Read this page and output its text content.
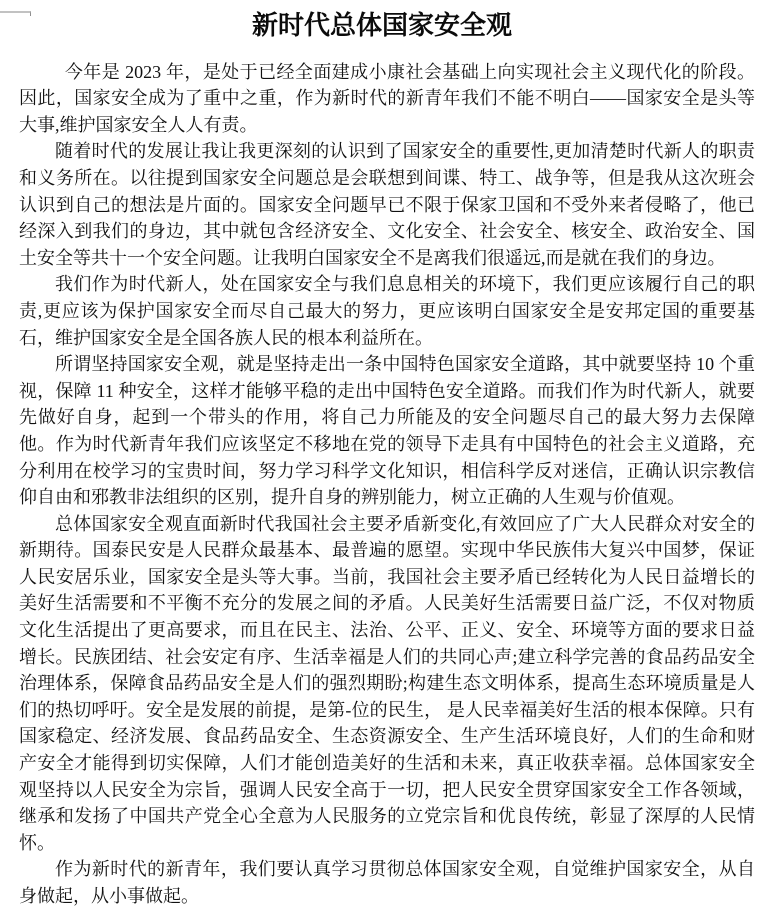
新时代总体国家安全观

今年是 2023 年，是处于已经全面建成小康社会基础上向实现社会主义现代化的阶段。因此，国家安全成为了重中之重，作为新时代的新青年我们不能不明白——国家安全是头等大事,维护国家安全人人有责。

随着时代的发展让我让我更深刻的认识到了国家安全的重要性,更加清楚时代新人的职责和义务所在。以往提到国家安全问题总是会联想到间谍、特工、战争等，但是我从这次班会认识到自己的想法是片面的。国家安全问题早已不限于保家卫国和不受外来者侵略了，他已经深入到我们的身边，其中就包含经济安全、文化安全、社会安全、核安全、政治安全、国土安全等共十一个安全问题。让我明白国家安全不是离我们很遥远,而是就在我们的身边。

我们作为时代新人，处在国家安全与我们息息相关的环境下，我们更应该履行自己的职责,更应该为保护国家安全而尽自己最大的努力，更应该明白国家安全是安邦定国的重要基石，维护国家安全是全国各族人民的根本利益所在。

所谓坚持国家安全观，就是坚持走出一条中国特色国家安全道路，其中就要坚持 10 个重视，保障 11 种安全，这样才能够平稳的走出中国特色安全道路。而我们作为时代新人，就要先做好自身，起到一个带头的作用，将自己力所能及的安全问题尽自己的最大努力去保障他。作为时代新青年我们应该坚定不移地在党的领导下走具有中国特色的社会主义道路，充分利用在校学习的宝贵时间，努力学习科学文化知识，相信科学反对迷信，正确认识宗教信仰自由和邪教非法组织的区别，提升自身的辨别能力，树立正确的人生观与价值观。

总体国家安全观直面新时代我国社会主要矛盾新变化,有效回应了广大人民群众对安全的新期待。国泰民安是人民群众最基本、最普遍的愿望。实现中华民族伟大复兴中国梦，保证人民安居乐业，国家安全是头等大事。当前，我国社会主要矛盾已经转化为人民日益增长的美好生活需要和不平衡不充分的发展之间的矛盾。人民美好生活需要日益广泛，不仅对物质文化生活提出了更高要求，而且在民主、法治、公平、正义、安全、环境等方面的要求日益增长。民族团结、社会安定有序、生活幸福是人们的共同心声;建立科学完善的食品药品安全治理体系，保障食品药品安全是人们的强烈期盼;构建生态文明体系，提高生态环境质量是人们的热切呼吁。安全是发展的前提，是第-位的民生， 是人民幸福美好生活的根本保障。只有国家稳定、经济发展、食品药品安全、生态资源安全、生产生活环境良好，人们的生命和财产安全才能得到切实保障，人们才能创造美好的生活和未来，真正收获幸福。总体国家安全观坚持以人民安全为宗旨，强调人民安全高于一切，把人民安全贯穿国家安全工作各领域，继承和发扬了中国共产党全心全意为人民服务的立党宗旨和优良传统，彰显了深厚的人民情怀。

作为新时代的新青年，我们要认真学习贯彻总体国家安全观，自觉维护国家安全，从自身做起，从小事做起。
